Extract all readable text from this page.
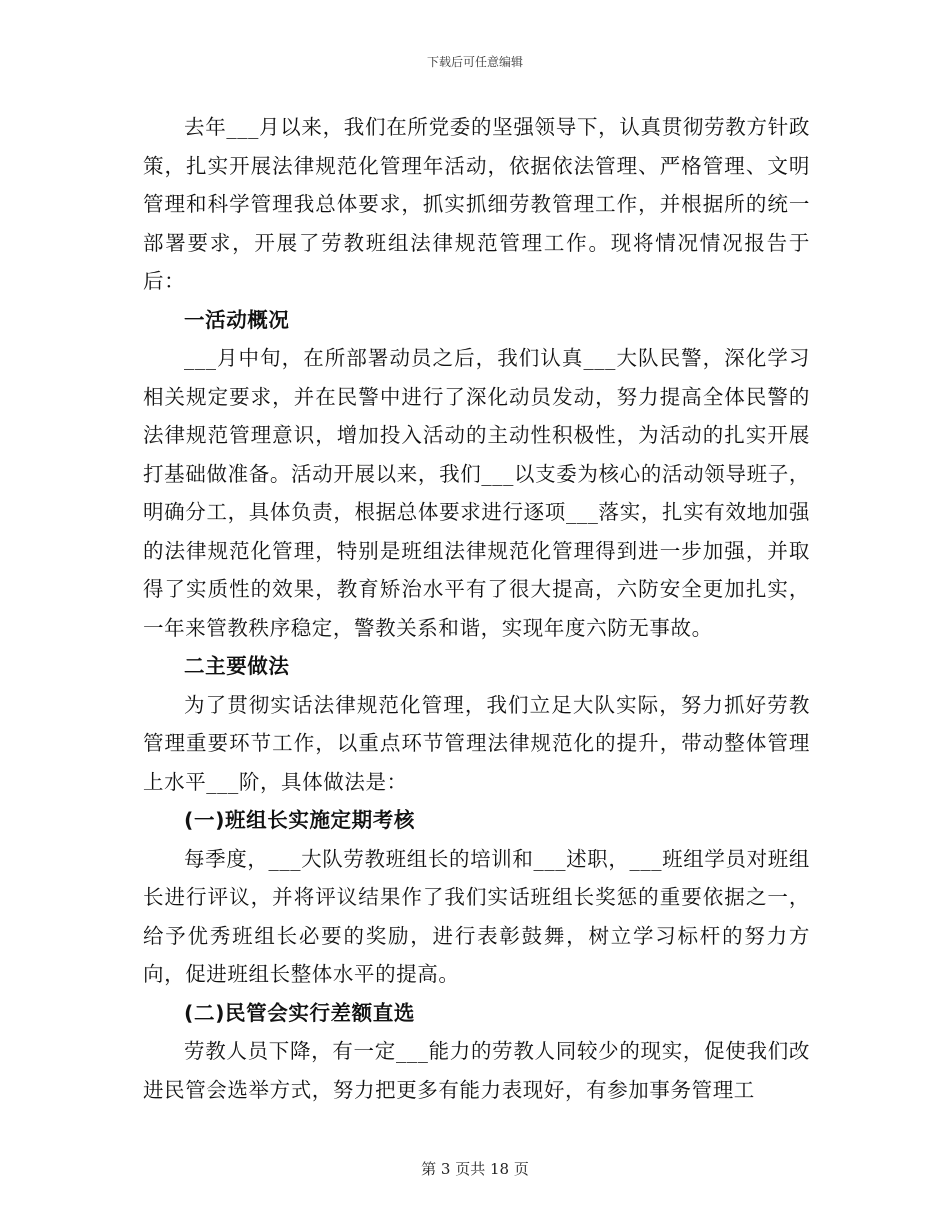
下载后可任意编辑

去年___月以来，我们在所党委的坚强领导下，认真贯彻劳教方针政策，扎实开展法律规范化管理年活动，依据依法管理、严格管理、文明管理和科学管理我总体要求，抓实抓细劳教管理工作，并根据所的统一部署要求，开展了劳教班组法律规范管理工作。现将情况情况报告于后：

一活动概况

___月中旬，在所部署动员之后，我们认真___大队民警，深化学习相关规定要求，并在民警中进行了深化动员发动，努力提高全体民警的法律规范管理意识，增加投入活动的主动性积极性，为活动的扎实开展打基础做准备。活动开展以来，我们___以支委为核心的活动领导班子，明确分工，具体负责，根据总体要求进行逐项___落实，扎实有效地加强的法律规范化管理，特别是班组法律规范化管理得到进一步加强，并取得了实质性的效果，教育矫治水平有了很大提高，六防安全更加扎实，一年来管教秩序稳定，警教关系和谐，实现年度六防无事故。

二主要做法

为了贯彻实话法律规范化管理，我们立足大队实际，努力抓好劳教管理重要环节工作，以重点环节管理法律规范化的提升，带动整体管理上水平___阶，具体做法是：

(一)班组长实施定期考核

每季度，___大队劳教班组长的培训和___述职，___班组学员对班组长进行评议，并将评议结果作了我们实话班组长奖惩的重要依据之一，给予优秀班组长必要的奖励，进行表彰鼓舞，树立学习标杆的努力方向，促进班组长整体水平的提高。

(二)民管会实行差额直选

劳教人员下降，有一定___能力的劳教人同较少的现实，促使我们改进民管会选举方式，努力把更多有能力表现好，有参加事务管理工

第 3 页共 18 页
